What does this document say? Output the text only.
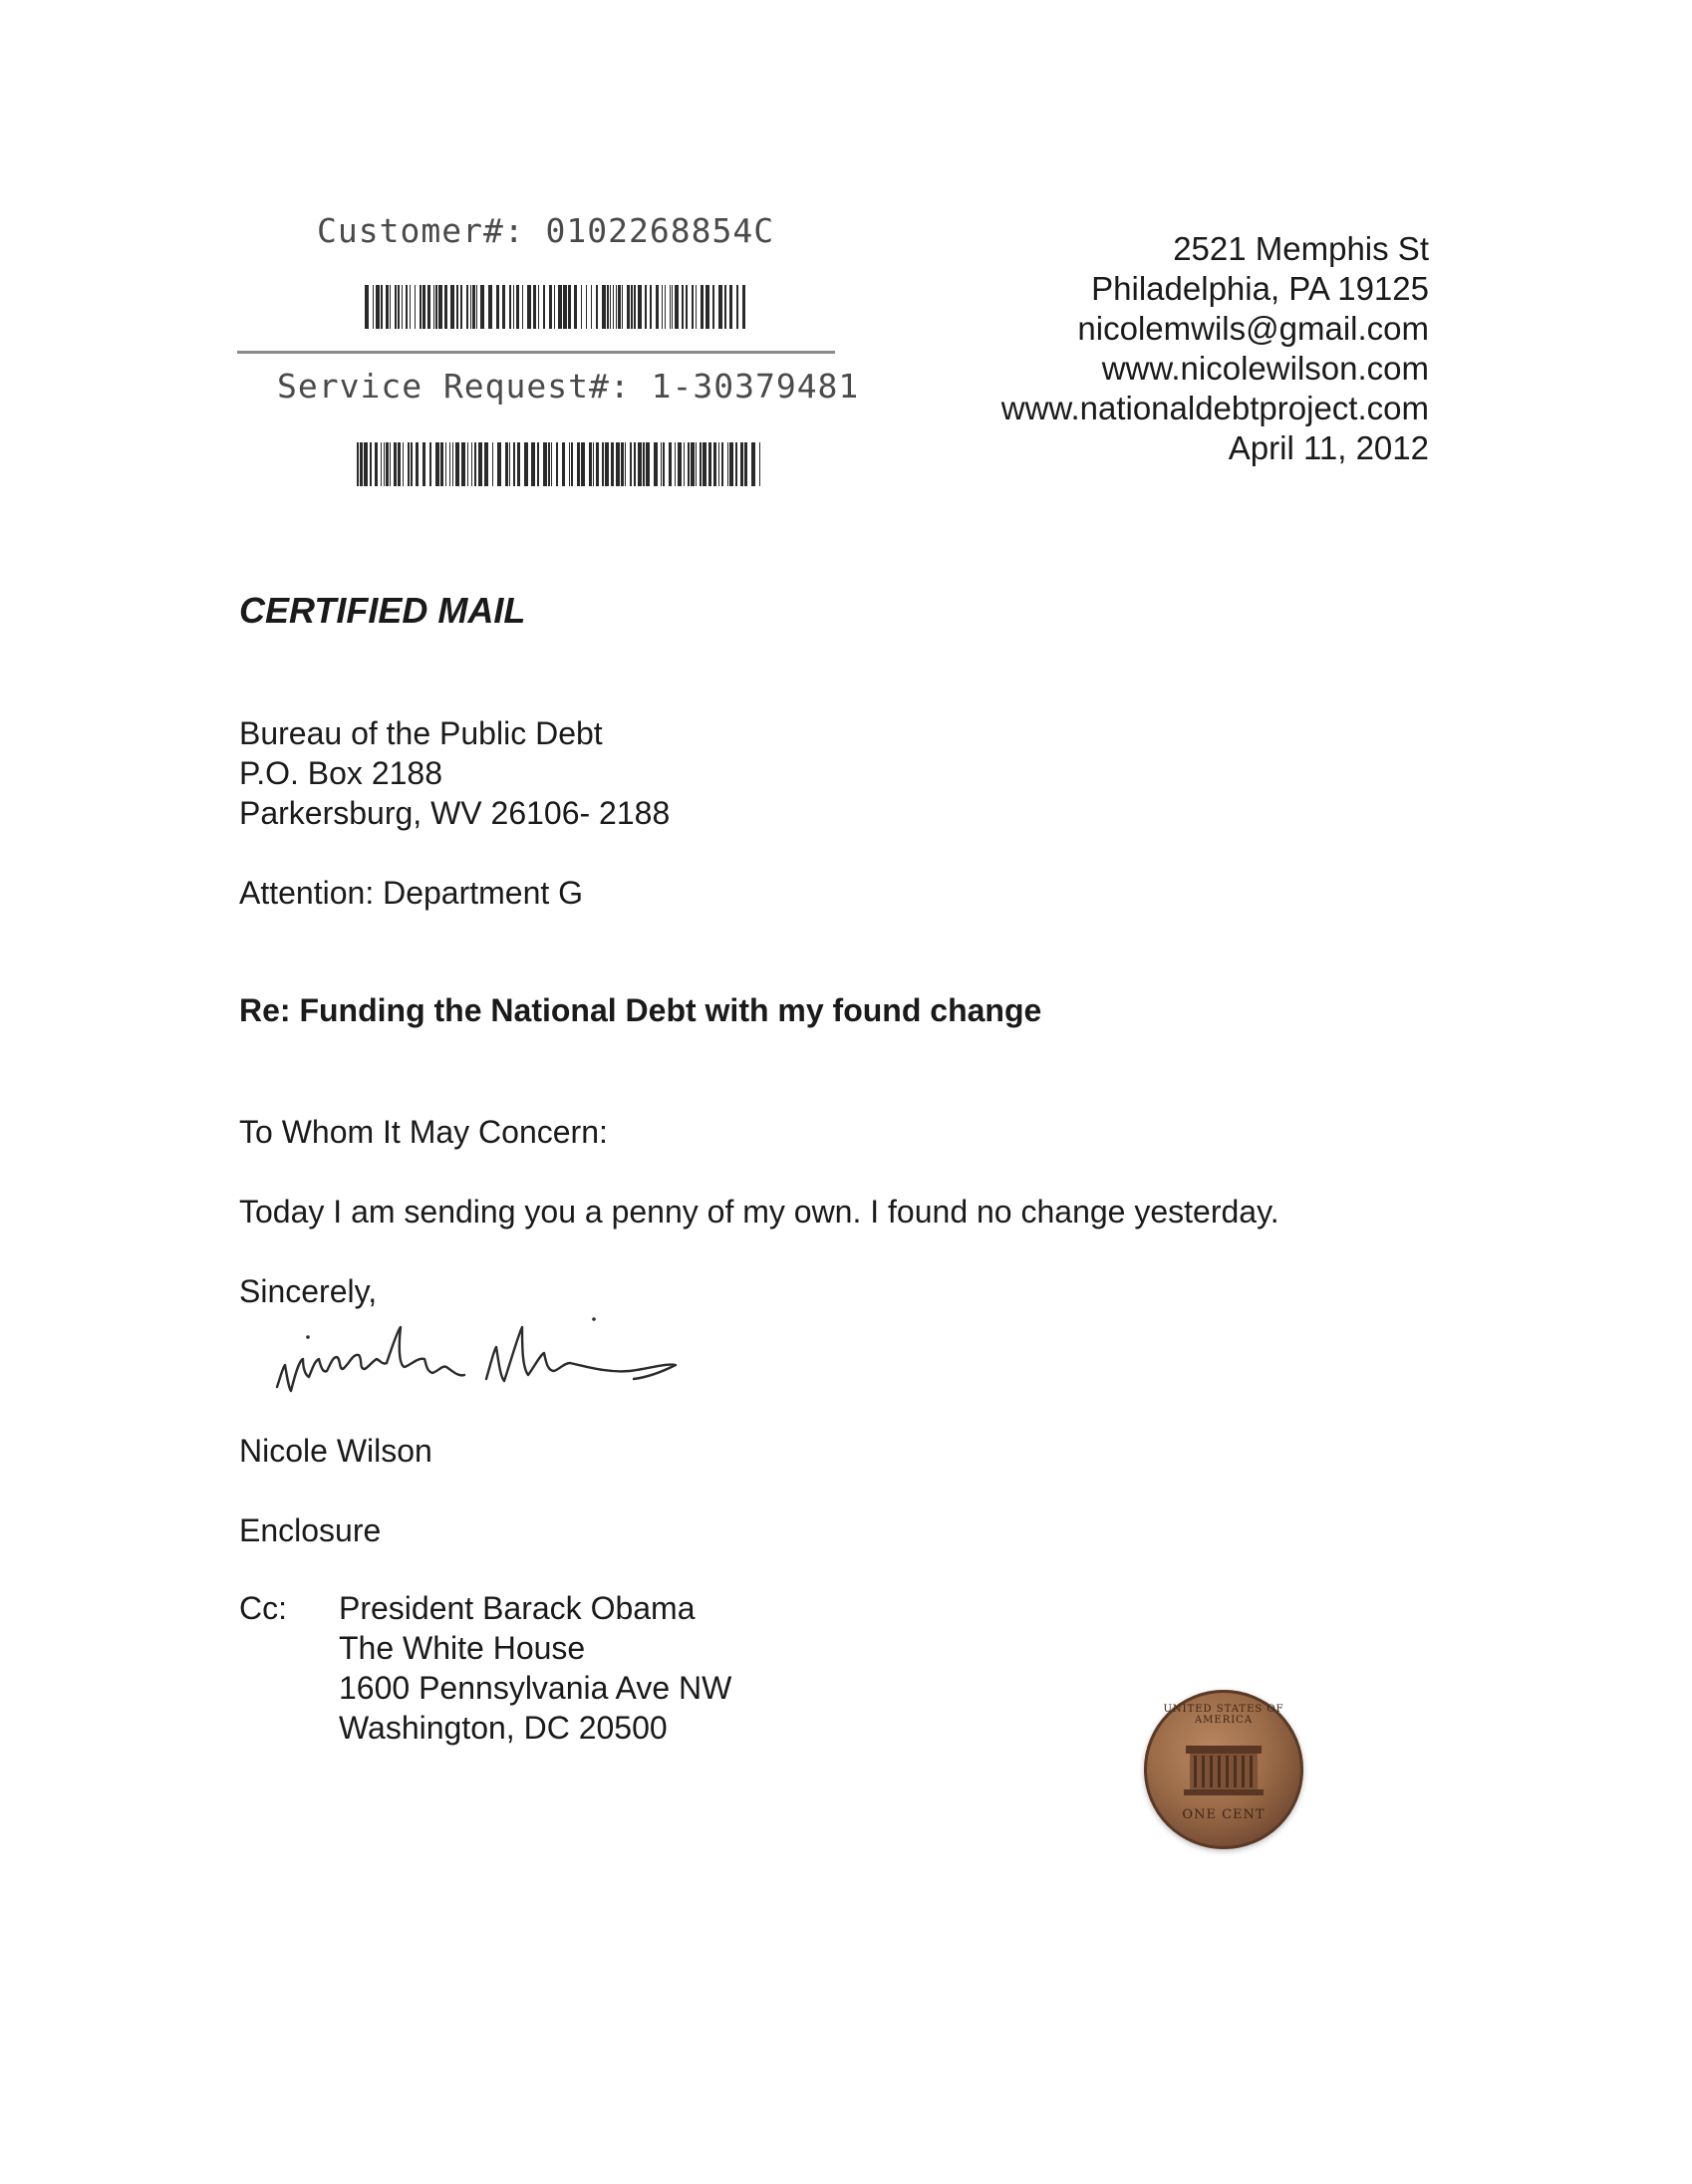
Customer#: 0102268854C
Service Request#: 1-30379481
2521 Memphis St
Philadelphia, PA 19125
nicolemwils@gmail.com
www.nicolewilson.com
www.nationaldebtproject.com
April 11, 2012
CERTIFIED MAIL
Bureau of the Public Debt
P.O. Box 2188
Parkersburg, WV 26106- 2188
Attention: Department G
Re: Funding the National Debt with my found change
To Whom It May Concern:
Today I am sending you a penny of my own. I found no change yesterday.
Sincerely,
Nicole Wilson
Enclosure
Cc: President Barack Obama
The White House
1600 Pennsylvania Ave NW
Washington, DC 20500
UNITED STATES OF AMERICA
ONE CENT
